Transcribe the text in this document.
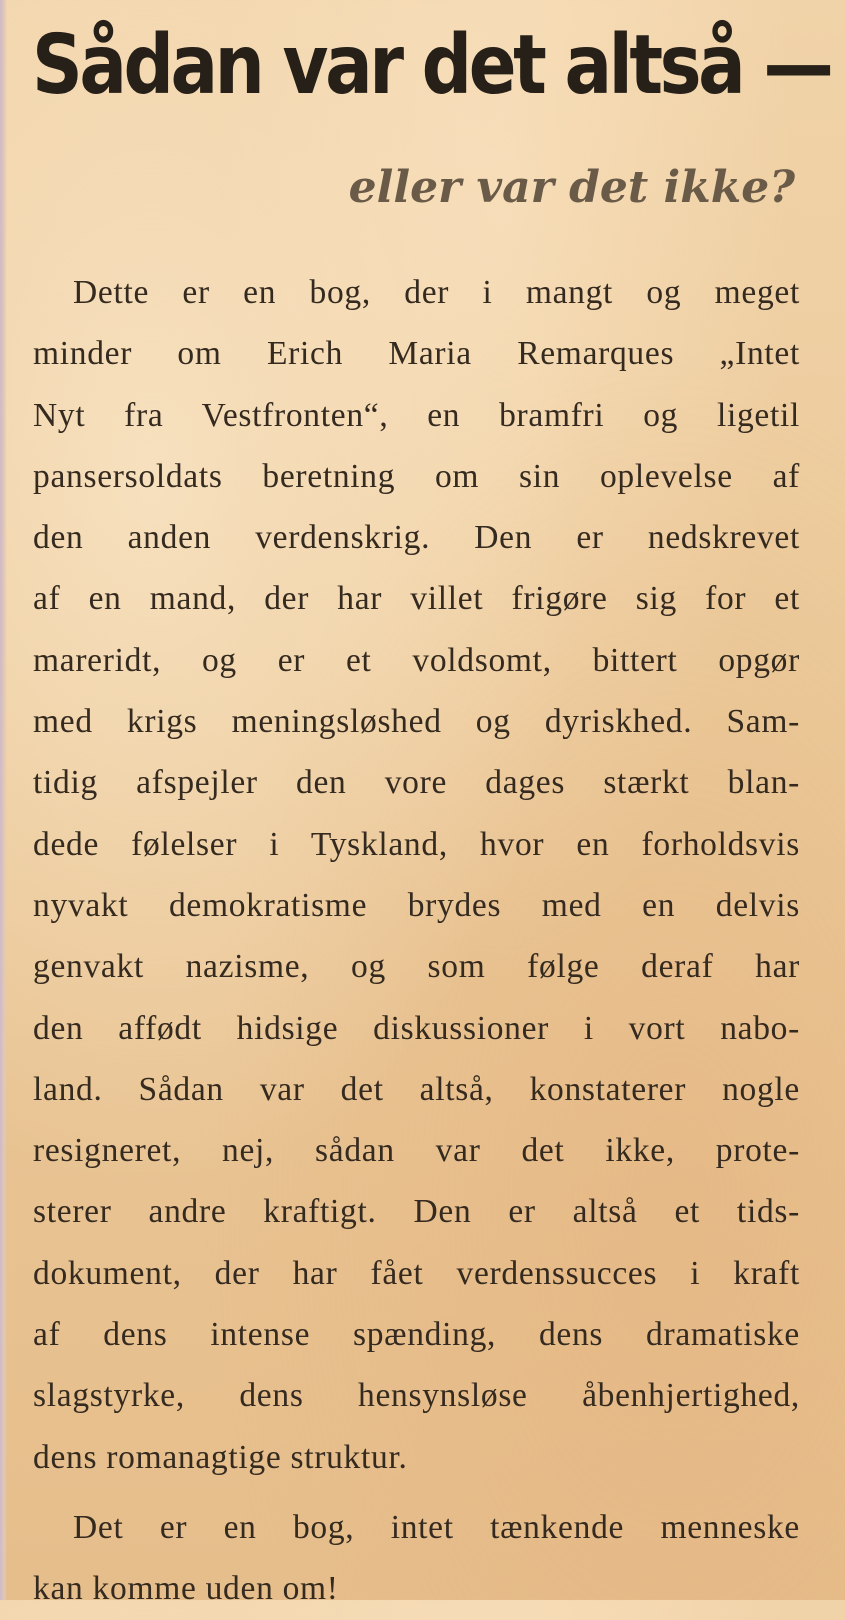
Sådan var det altså —
eller var det ikke?
Dette er en bog, der i mangt og meget
minder om Erich Maria Remarques „Intet
Nyt fra Vestfronten“, en bramfri og ligetil
pansersoldats beretning om sin oplevelse af
den anden verdenskrig. Den er nedskrevet
af en mand, der har villet frigøre sig for et
mareridt, og er et voldsomt, bittert opgør
med krigs meningsløshed og dyriskhed. Sam-
tidig afspejler den vore dages stærkt blan-
dede følelser i Tyskland, hvor en forholdsvis
nyvakt demokratisme brydes med en delvis
genvakt nazisme, og som følge deraf har
den affødt hidsige diskussioner i vort nabo-
land. Sådan var det altså, konstaterer nogle
resigneret, nej, sådan var det ikke, prote-
sterer andre kraftigt. Den er altså et tids-
dokument, der har fået verdenssucces i kraft
af dens intense spænding, dens dramatiske
slagstyrke, dens hensynsløse åbenhjertighed,
dens romanagtige struktur.
Det er en bog, intet tænkende menneske
kan komme uden om!
